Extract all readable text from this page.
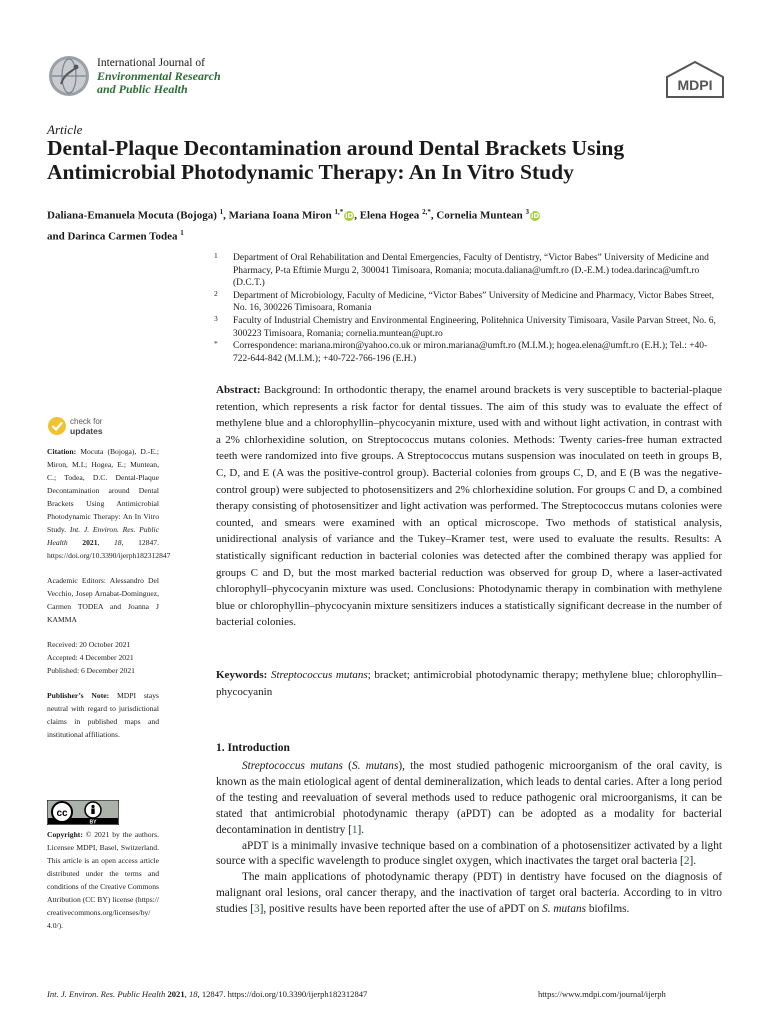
International Journal of
Environmental Research
and Public Health	MDPI
Article
Dental-Plaque Decontamination around Dental Brackets Using Antimicrobial Photodynamic Therapy: An In Vitro Study
Daliana-Emanuela Mocuta (Bojoga) $^1$, Mariana Ioana Miron $^{1,*}$iD, Elena Hogea $^{2,*}$, Cornelia Muntean $^3$iD
and Darinca Carmen Todea $^1$
1 Department of Oral Rehabilitation and Dental Emergencies, Faculty of Dentistry, “Victor Babes” University of Medicine and Pharmacy, P-ta Eftimie Murgu 2, 300041 Timisoara, Romania; mocuta.daliana@umft.ro (D.-E.M.) todea.darinca@umft.ro (D.C.T.)
2 Department of Microbiology, Faculty of Medicine, “Victor Babes” University of Medicine and Pharmacy, Victor Babes Street, No. 16, 300226 Timisoara, Romania
3 Faculty of Industrial Chemistry and Environmental Engineering, Politehnica University Timisoara, Vasile Parvan Street, No. 6, 300223 Timisoara, Romania; cornelia.muntean@upt.ro
* Correspondence: mariana.miron@yahoo.co.uk or miron.mariana@umft.ro (M.I.M.); hogea.elena@umft.ro (E.H.); Tel.: +40-722-644-842 (M.I.M.); +40-722-766-196 (E.H.)
Abstract: Background: In orthodontic therapy, the enamel around brackets is very susceptible to bacterial-plaque retention, which represents a risk factor for dental tissues. The aim of this study was to evaluate the effect of methylene blue and a chlorophyllin–phycocyanin mixture, used with and without light activation, in contrast with a 2% chlorhexidine solution, on Streptococcus mutans colonies. Methods: Twenty caries-free human extracted teeth were randomized into five groups. A Streptococcus mutans suspension was inoculated on teeth in groups B, C, D, and E (A was the positive-control group). Bacterial colonies from groups C, D, and E (B was the negative-control group) were subjected to photosensitizers and 2% chlorhexidine solution. For groups C and D, a combined therapy consisting of photosensitizer and light activation was performed. The Streptococcus mutans colonies were counted, and smears were examined with an optical microscope. Two methods of statistical analysis, unidirectional analysis of variance and the Tukey–Kramer test, were used to evaluate the results. Results: A statistically significant reduction in bacterial colonies was detected after the combined therapy was applied for groups C and D, but the most marked bacterial reduction was observed for group D, where a laser-activated chlorophyll–phycocyanin mixture was used. Conclusions: Photodynamic therapy in combination with methylene blue or chlorophyllin–phycocyanin mixture sensitizers induces a statistically significant decrease in the number of bacterial colonies.
Keywords: Streptococcus mutans; bracket; antimicrobial photodynamic therapy; methylene blue; chlorophyllin–phycocyanin
check for
updates
Citation: Mocuta (Bojoga), D.-E.; Miron, M.I.; Hogea, E.; Muntean, C.; Todea, D.C. Dental-Plaque Decontamination around Dental Brackets Using Antimicrobial Photodynamic Therapy: An In Vitro Study. Int. J. Environ. Res. Public Health 2021, 18, 12847. https://doi.org/10.3390/ijerph182312847
Academic Editors: Alessandro Del Vecchio, Josep Arnabat-Dominguez, Carmen TODEA and Joanna J KAMMA
Received: 20 October 2021
Accepted: 4 December 2021
Published: 6 December 2021
Publisher’s Note: MDPI stays neutral with regard to jurisdictional claims in published maps and institutional affiliations.
cc
BY
Copyright: © 2021 by the authors. Licensee MDPI, Basel, Switzerland. This article is an open access article distributed under the terms and conditions of the Creative Commons Attribution (CC BY) license (https:// creativecommons.org/licenses/by/ 4.0/).
1. Introduction

Streptococcus mutans (S. mutans), the most studied pathogenic microorganism of the oral cavity, is known as the main etiological agent of dental demineralization, which leads to dental caries. After a long period of the testing and reevaluation of several methods used to reduce pathogenic oral microorganisms, it can be stated that antimicrobial photodynamic therapy (aPDT) can be adopted as a modality for bacterial decontamination in dentistry [1].

aPDT is a minimally invasive technique based on a combination of a photosensitizer activated by a light source with a specific wavelength to produce singlet oxygen, which inactivates the target oral bacteria [2].

The main applications of photodynamic therapy (PDT) in dentistry have focused on the diagnosis of malignant oral lesions, oral cancer therapy, and the inactivation of target oral bacteria. According to in vitro studies [3], positive results have been reported after the use of aPDT on S. mutans biofilms.

Int. J. Environ. Res. Public Health 2021, 18, 12847. https://doi.org/10.3390/ijerph182312847	https://www.mdpi.com/journal/ijerph
